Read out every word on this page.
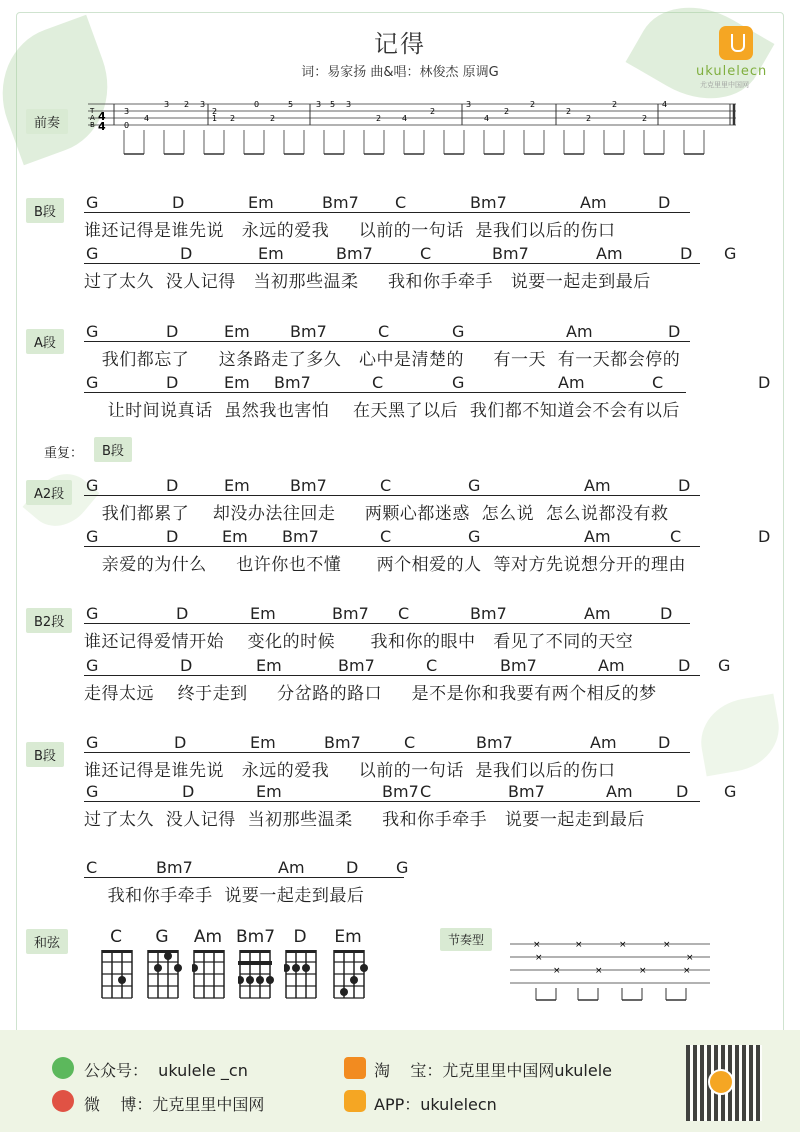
记得
词：易家扬 曲&唱：林俊杰 原调G	ukulelecn
尤克里里中国网
前奏
T
A
B
4
4
3
0
4
3 2 3
2
1 2
0
2
5	3 5 3
2	4
2
3
4
2
2
2
2
2
2
4
B段
G	D	Em	Bm7 C	Bm7	Am	D
谁还记得是谁先说   永远的爱我     以前的一句话  是我们以后的伤口
G	D	Em	Bm7	C	Bm7	Am	D G
过了太久  没人记得   当初那些温柔     我和你手牵手   说要一起走到最后
A段
G	D	Em	Bm7	C	G	Am	D
我们都忘了     这条路走了多久   心中是清楚的     有一天  有一天都会停的
G	D	Em Bm7	C	G	Am	C	D
让时间说真话  虽然我也害怕    在天黑了以后  我们都不知道会不会有以后
A2段	G	D	Em	Bm7	C	G	Am	D
我们都累了    却没办法往回走     两颗心都迷惑  怎么说  怎么说都没有救
G	D	Em Bm7	C	G	Am	C	D
亲爱的为什么     也许你也不懂      两个相爱的人  等对方先说想分开的理由
B2段	G	D	Em	Bm7 C	Bm7	Am	D
谁还记得爱情开始    变化的时候      我和你的眼中   看见了不同的天空
G	D	Em	Bm7	C	Bm7	Am	D G
走得太远    终于走到     分岔路的路口     是不是你和我要有两个相反的梦
B段
G	D	Em	Bm7	C	Bm7	Am	D
谁还记得是谁先说   永远的爱我     以前的一句话  是我们以后的伤口
G	D	Em	Bm7 C	Bm7	Am	D G
过了太久  没人记得  当初那些温柔     我和你手牵手   说要一起走到最后
C	Bm7	Am	D G
我和你手牵手  说要一起走到最后
重复：	B段
和弦	C	G	Am Bm7	D	Em	节奏型	×
×
×
×
×
×
×
×
×	×
公众号：  ukulele _cn
微    博：尤克里里中国网
淘    宝：尤克里里中国网ukulele
APP：ukulelecn
